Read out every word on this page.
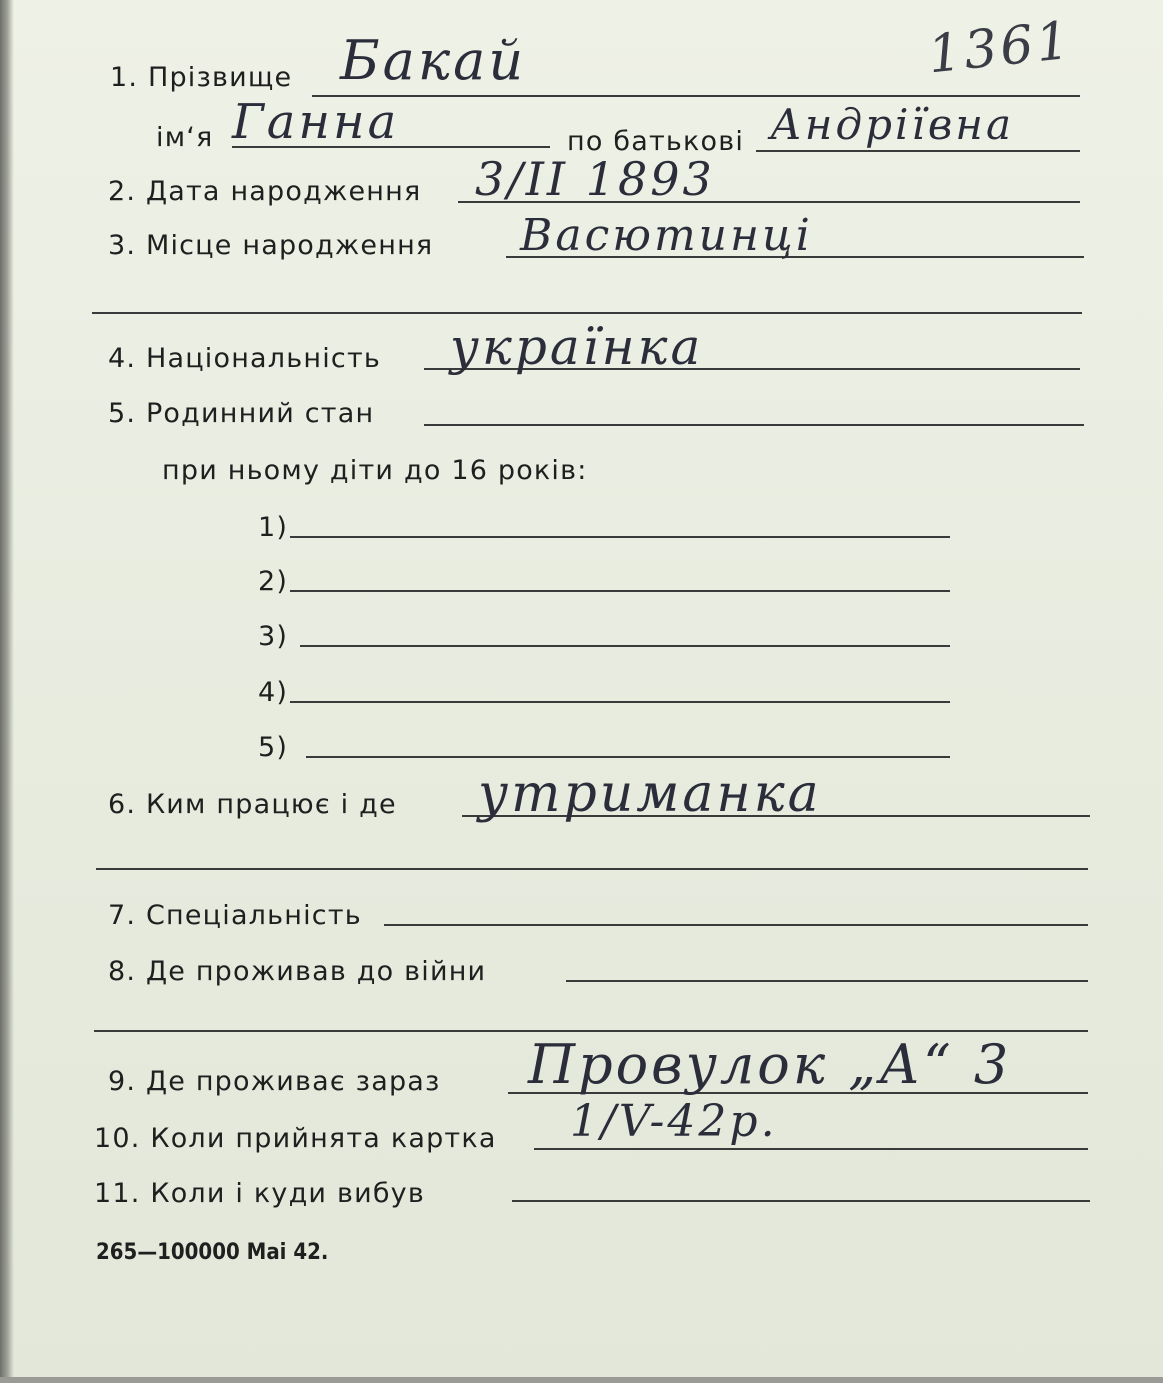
1361
1. Прізвище Бакай
ім‘я Ганна	по батькові Андріївна
2. Дата народження 3/ІІ 1893
3. Місце народження Васютинці
4. Національність українка
5. Родинний стан
при ньому діти до 16 років:
1)
2)
3)
4)
5)
6. Ким працює і де утриманка
7. Спеціальність
8. Де проживав до війни
9. Де проживає зараз Провулок „А“ 3
10. Коли прийнята картка 1/V-42р.
11. Коли і куди вибув
265—100000 Mai 42.
